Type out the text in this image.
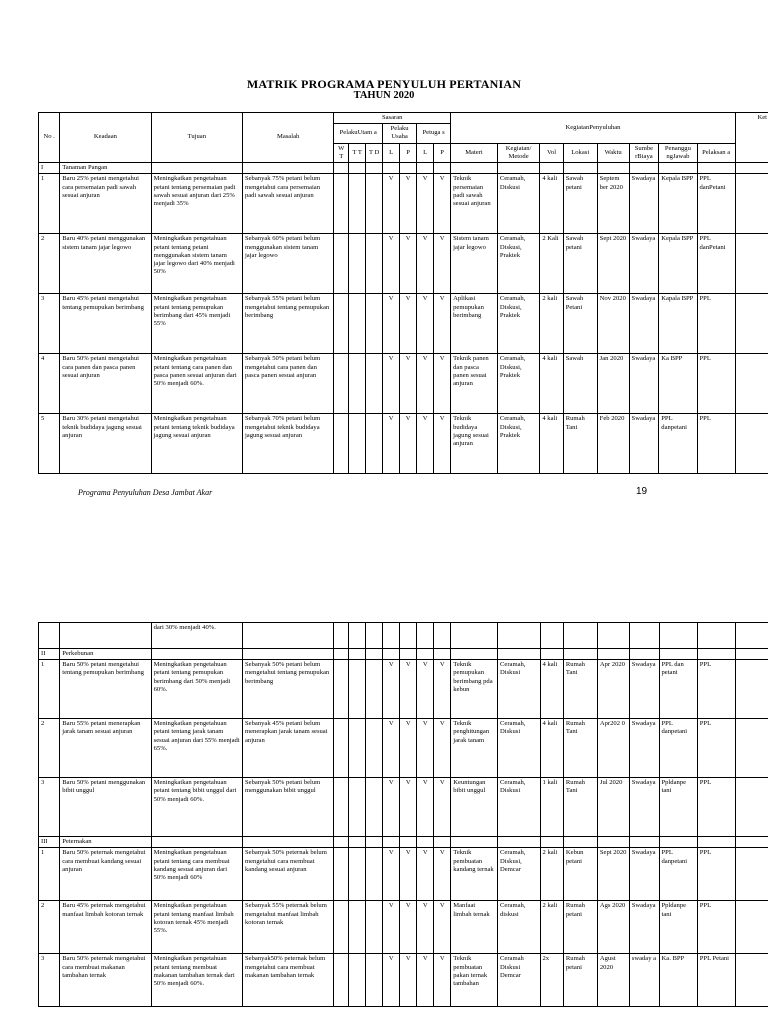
MATRIK PROGRAMA PENYULUH PERTANIAN
TAHUN 2020
No .	Keadaan	Tujuan	Masalah	Sasaran							KegiatanPenyuluhan								Ket
				PelakuUtam a			Pelaku Usaha		Petuga s										
				W T	T T	T D	L	P	L	P	Materi	Kegiatan/ Metode	Vol	Lokasi	Waktu	Sumbe rBiaya	Penanggu ngJawab	Pelaksan a	
I	Tanaman Pangan																		
1	Baru 25% petani mengetahui cara persemaian padi sawah sesuai anjuran	Meningkatkan pengetahuan petani tentang persemaian padi sawah sesuai anjuran dari 25% menjadi 35%	Sebanyak 75% petani belum mengetahui cara persemaian padi sawah sesuai anjuran				V	V	V	V	Teknik persemaian padi sawah sesuai anjuran	Ceramah, Diskusi	4 kali	Sawah petani	Septem ber 2020	Swadaya	Kepala BPP	PPL danPetani	
2	Baru 40% petani menggunakan sistem tanam jajar legowo	Meningkatkan pengetahuan petani tentang petani menggunakan sistem tanam jajar legowo dari 40% menjadi 50%	Sebanyak 60% petani belum menggunakan sistem tanam jajar legowo				V	V	V	V	Sistem tanam jajar legowo	Ceramah, Diskusi, Praktek	2 Kali	Sawah petani	Sept 2020	Swadaya	Kepala BPP	PPL danPetani	
3	Baru 45% petani mengetahui tentang pemupukan berimbang	Meningkatkan pengetahuan petani tentang pemupukan berimbang dari 45% menjadi 55%	Sebanyak 55% petani belum mengetahui tentang pemupukan berimbang				V	V	V	V	Aplikasi pemupukan berimbang	Ceramah, Diskusi, Praktek	2 kali	Sawah Petani	Nov 2020	Swadaya	Kapala BPP	PPL	
4	Baru 50% petani mengetahui cara panen dan pasca panen sesuai anjuran	Meningkatkan pengetahuan petani tentang cara panen dan pasca panen sesuai anjuran dari 50% menjadi 60%.	Sebanyak 50% petani belum mengetahui cara panen dan pasca panen sesuai anjuran				V	V	V	V	Teknik panen dan pasca panen sesuai anjuran	Ceramah, Diskusi, Praktek	4 kali	Sawah	Jan 2020	Swadaya	Ka BPP	PPL	
5	Baru 30% petani mengetahui teknik budidaya jagung sesuai anjuran	Meningkatkan pengetahuan petani tentang teknik budidaya jagung sesuai anjuran	Sebanyak 70% petani belum mengetahui teknik budidaya jagung sesuai anjuran				V	V	V	V	Teknik budidaya jagung sesuai anjuran	Ceramah, Diskusi, Praktek	4 kali	Rumah Tani	Feb 2020	Swadaya	PPL danpetani	PPL	
Programa Penyuluhan Desa Jambat Akar	19
		dari 30% menjadi 40%.																	
II	Perkebunan																		
1	Baru 50% petani mengetahui tentang pemupukan berimbang	Meningkatkan pengetahuan petani tentang pemupukan berimbang dari 50% menjadi 60%.	Sebanyak 50% petani belum mengetahui tentang pemupukan berimbang				V	V	V	V	Teknik pemupukan berimbang pda kebun	Ceramah, Diskusi	4 kali	Rumah Tani	Apr 2020	Swadaya	PPL dan petani	PPL	
2	Baru 55% petani menerapkan jarak tanam sesuai anjuran	Meningkatkan pengetahuan petani tentang jarak tanam sesuai anjuran dari 55% menjadi 65%.	Sebanyak 45% petani belum menerapkan jarak tanam sesuai anjuran				V	V	V	V	Teknik penghitungan jarak tanam	Ceramah, Diskusi	4 kali	Rumah Tani	Apr202 0	Swadaya	PPL danpetani	PPL	
3	Baru 50% petani menggunakan bibit unggul	Meningkatkan pengetahuan petani tentang bibit unggul dari 50% menjadi 60%.	Sebanyak 50% petani belum menggunakan bibit unggul				V	V	V	V	Keuntungan bibit unggul	Ceramah, Diskusi	1 kali	Rumah Tani	Jul 2020	Swadaya	Ppldanpe tani	PPL	
III	Peternakan																		
1	Baru 50% peternak mengetahui cara membuat kandang sesuai anjuran	Meningkatkan pengetahuan petani tentang cara membuat kandang sesuai anjuran dari 50% menjadi 60%	Sebanyak 50% peternak belum mengetahui cara membuat kandang sesuai anjuran				V	V	V	V	Teknik pembuatan kandang ternak	Ceramah, Diskusi, Demcar	2 kali	Kebun petani	Sept 2020	Swadaya	PPL danpetani	PPL	
2	Baru 45% peternak mengetahui manfaat limbah kotoran ternak	Meningkatkan pengetahuan petani tentang manfaat limbah kotoran ternak 45% menjadi 55%.	Sebanyak 55% peternak belum mengetahui manfaat limbah kotoran ternak				V	V	V	V	Manfaat limbah ternak	Ceramah, diskusi	2 kali	Rumah petani	Ags 2020	Swadaya	Ppldanpe tani	PPL	
3	Baru 50% peternak mengetahui cara membuat makanan tambahan ternak	Meningkatkan pengetahuan petani tentang membuat makanan tambahan ternak dari 50% menjadi 60%.	Sebanyak50% peternak belum mengetahui cara membuat makanan tambahan ternak				V	V	V	V	Teknik pembuatan pakan ternak tambahan	Ceramah Diskusi Demcar	2x	Rumah petani	Agust 2020	swaday a	Ka. BPP	PPL Petani	
